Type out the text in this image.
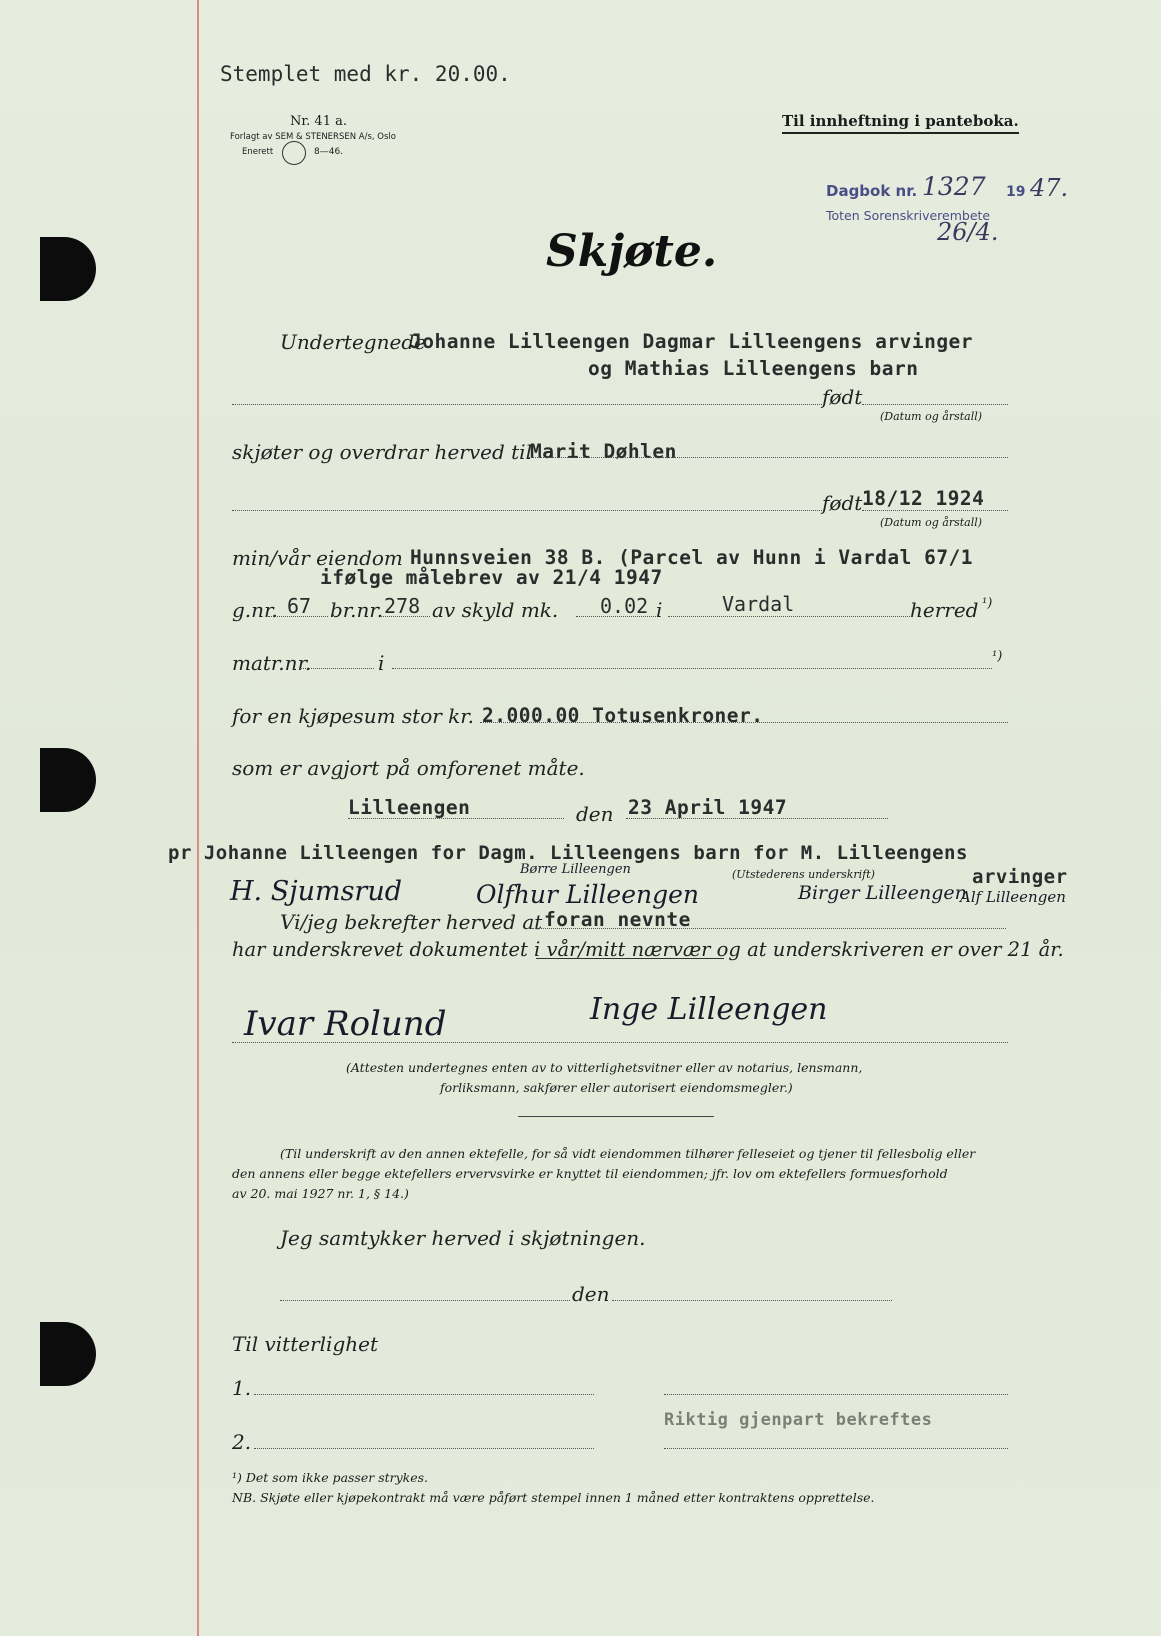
Stemplet med kr. 20.00.
Nr. 41 a.
Forlagt av SEM & STENERSEN A/s, Oslo
Enerett	8—46.
Til innheftning i panteboka.
Dagbok nr. 1327 19 47.
Toten Sorenskriverembete
26/4.
Skjøte.
Undertegnede
Johanne Lilleengen Dagmar Lilleengens arvinger
og Mathias Lilleengens barn
født
(Datum og årstall)
skjøter og overdrar herved til
Marit Døhlen
født 18/12 1924
(Datum og årstall)
min/vår eiendom Hunnsveien 38 B. (Parcel av Hunn i Vardal 67/1
ifølge målebrev av 21/4 1947
g.nr. 67 br.nr. 278 av skyld mk. 0.02 i	Vardal	herred ¹)
matr.nr.	i	¹)
for en kjøpesum stor kr. 2.000.00 Totusenkroner.
som er avgjort på omforenet måte.
Lilleengen	den 23 April 1947
pr Johanne Lilleengen for Dagm. Lilleengens barn for M. Lilleengens
arvinger
(Utstederens underskrift)
H. Sjumsrud
Børre Lilleengen
Olfhur Lilleengen	Birger Lilleengen
Alf Lilleengen
Vi/jeg bekrefter herved at foran nevnte
har underskrevet dokumentet i vår/mitt nærvær og at underskriveren er over 21 år.
Ivar Rolund	Inge Lilleengen
(Attesten undertegnes enten av to vitterlighetsvitner eller av notarius, lensmann,
forliksmann, sakfører eller autorisert eiendomsmegler.)
(Til underskrift av den annen ektefelle, for så vidt eiendommen tilhører felleseiet og tjener til fellesbolig eller
den annens eller begge ektefellers ervervsvirke er knyttet til eiendommen; jfr. lov om ektefellers formuesforhold
av 20. mai 1927 nr. 1, § 14.)
Jeg samtykker herved i skjøtningen.
den
Til vitterlighet
1.
2.
Riktig gjenpart bekreftes
¹) Det som ikke passer strykes.
NB. Skjøte eller kjøpekontrakt må være påført stempel innen 1 måned etter kontraktens opprettelse.
